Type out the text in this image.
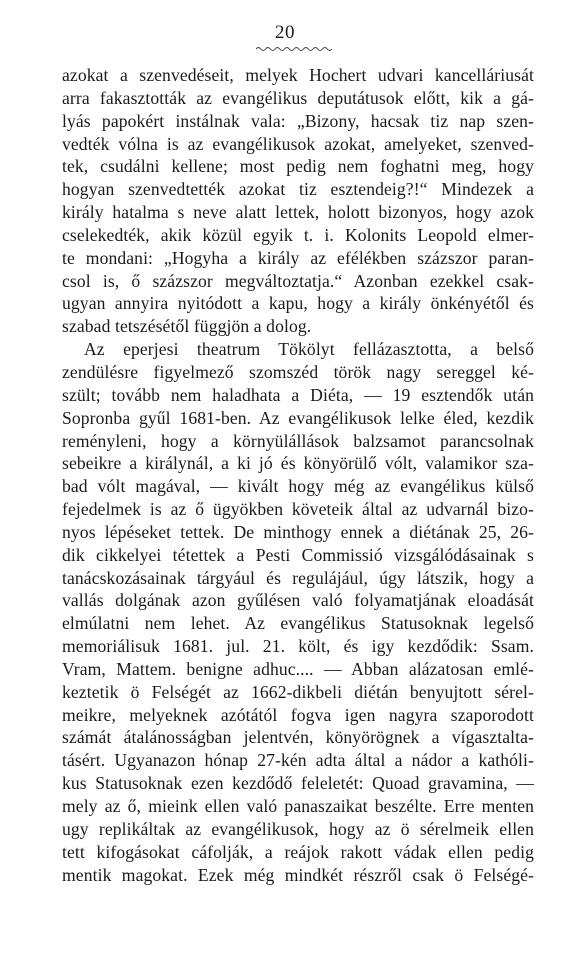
20
azokat a szenvedéseit, melyek Hochert udvari kancelláriusát
arra fakasztották az evangélikus deputátusok előtt, kik a gá-
lyás papokért instálnak vala: „Bizony, hacsak tiz nap szen-
vedték vólna is az evangélikusok azokat, amelyeket, szenved-
tek, csudálni kellene; most pedig nem foghatni meg, hogy
hogyan szenvedtették azokat tiz esztendeig?!“ Mindezek a
király hatalma s neve alatt lettek, holott bizonyos, hogy azok
cselekedték, akik közül egyik t. i. Kolonits Leopold elmer-
te mondani: „Hogyha a király az efélékben százszor paran-
csol is, ő százszor megváltoztatja.“ Azonban ezekkel csak-
ugyan annyira nyitódott a kapu, hogy a király önkényétől és
szabad tetszésétől függjön a dolog.
Az eperjesi theatrum Tökölyt fellázasztotta, a belső
zendülésre figyelmező szomszéd török nagy sereggel ké-
szült; tovább nem haladhata a Diéta, — 19 esztendők után
Sopronba gyűl 1681-ben. Az evangélikusok lelke éled, kezdik
reményleni, hogy a környülállások balzsamot parancsolnak
sebeikre a királynál, a ki jó és könyörülő vólt, valamikor sza-
bad vólt magával, — kivált hogy még az evangélikus külső
fejedelmek is az ő ügyökben követeik által az udvarnál bizo-
nyos lépéseket tettek. De minthogy ennek a diétának 25, 26-
dik cikkelyei tétettek a Pesti Commissió vizsgálódásainak s
tanácskozásainak tárgyául és regulájául, úgy látszik, hogy a
vallás dolgának azon gyűlésen való folyamatjának eloadását
elmúlatni nem lehet. Az evangélikus Statusoknak legelső
memoriálisuk 1681. jul. 21. költ, és igy kezdődik: Ssam.
Vram, Mattem. benigne adhuc.... — Abban alázatosan emlé-
keztetik ö Felségét az 1662-dikbeli diétán benyujtott sérel-
meikre, melyeknek azótától fogva igen nagyra szaporodott
számát átalánosságban jelentvén, könyörögnek a vígasztalta-
tásért. Ugyanazon hónap 27-kén adta által a nádor a kathóli-
kus Statusoknak ezen kezdődő feleletét: Quoad gravamina, —
mely az ő, mieink ellen való panaszaikat beszélte. Erre menten
ugy replikáltak az evangélikusok, hogy az ö sérelmeik ellen
tett kifogásokat cáfolják, a reájok rakott vádak ellen pedig
mentik magokat. Ezek még mindkét részről csak ö Felségé-
